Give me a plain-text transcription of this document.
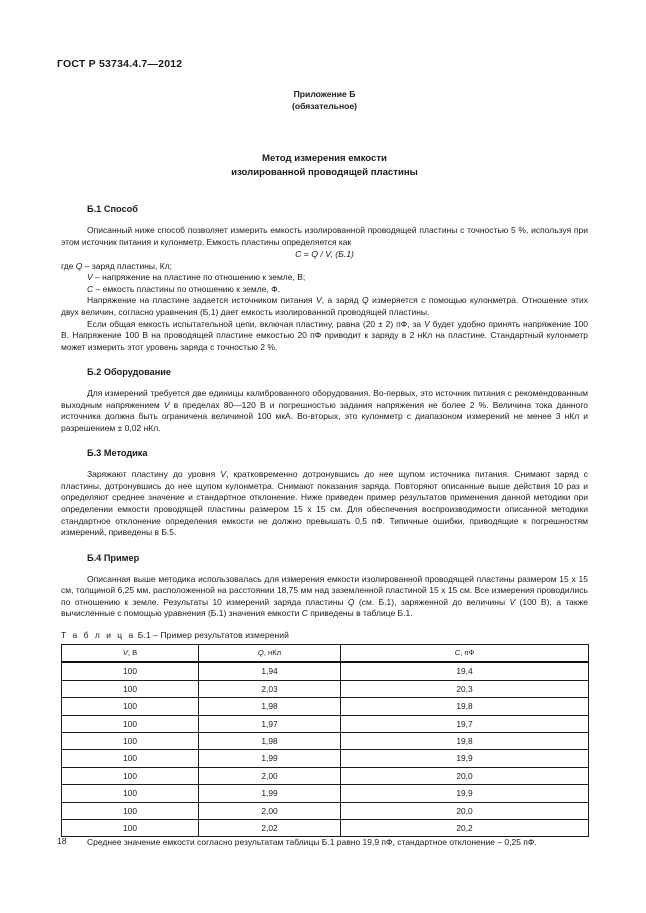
ГОСТ Р 53734.4.7—2012

Приложение Б

(обязательное)

Метод измерения емкости

изолированной проводящей пластины

Б.1 Способ

Описанный ниже способ позволяет измерить емкость изолированной проводящей пластины с точностью 5 %, используя при этом источник питания и кулонметр. Емкость пластины определяется как

C = Q / V, (Б.1)

где Q – заряд пластины, Кл;

V – напряжение на пластине по отношению к земле, В;

C – емкость пластины по отношению к земле, Ф.

Напряжение на пластине задается источником питания V, а заряд Q измеряется с помощью кулонметра. Отношение этих двух величин, согласно уравнения (Б.1) дает емкость изолированной проводящей пластины.

Если общая емкость испытательной цепи, включая пластину, равна (20 ± 2) пФ, за V будет удобно принять напряжение 100 В. Напряжение 100 В на проводящей пластине емкостью 20 пФ приводит к заряду в 2 нКл на пластине. Стандартный кулонметр может измерить этот уровень заряда с точностью 2 %.

Б.2 Оборудование

Для измерений требуется две единицы калиброванного оборудования. Во-первых, это источник питания с рекомендованным выходным напряжением V в пределах 80—120 В и погрешностью задания напряжения не более 2 %. Величина тока данного источника должна быть ограничена величиной 100 мкА. Во-вторых, это кулонметр с диапазоном измерений не менее 3 нКл и разрешением ± 0,02 нКл.

Б.3 Методика

Заряжают пластину до уровня V, кратковременно дотронувшись до нее щупом источника питания. Снимают заряд с пластины, дотронувшись до нее щупом кулонметра. Снимают показания заряда. Повторяют описанные выше действия 10 раз и определяют среднее значение и стандартное отклонение. Ниже приведен пример результатов применения данной методики при определении емкости проводящей пластины размером 15 х 15 см. Для обеспечения воспроизводимости описанной методики стандартное отклонение определения емкости не должно превышать 0,5 пФ. Типичные ошибки, приводящие к погрешностям измерений, приведены в Б.5.

Б.4 Пример

Описанная выше методика использовалась для измерения емкости изолированной проводящей пластины размером 15 х 15 см, толщиной 6,25 мм, расположенной на расстоянии 18,75 мм над заземленной пластиной 15 х 15 см. Все измерения проводились по отношению к земле. Результаты 10 измерений заряда пластины Q (см. Б.1), заряженной до величины V (100 В), а также вычисленные с помощью уравнения (Б.1) значения емкости C приведены в таблице Б.1.

Т а б л и ц а Б.1 – Пример результатов измерений

V, В	Q, нКл	C, пФ
100	1,94	19,4
100	2,03	20,3
100	1,98	19,8
100	1,97	19,7
100	1,98	19,8
100	1,99	19,9
100	2,00	20,0
100	1,99	19,9
100	2,00	20,0
100	2,02	20,2

Среднее значение емкости согласно результатам таблицы Б.1 равно 19,9 пФ, стандартное отклонение – 0,25 пФ.

18
